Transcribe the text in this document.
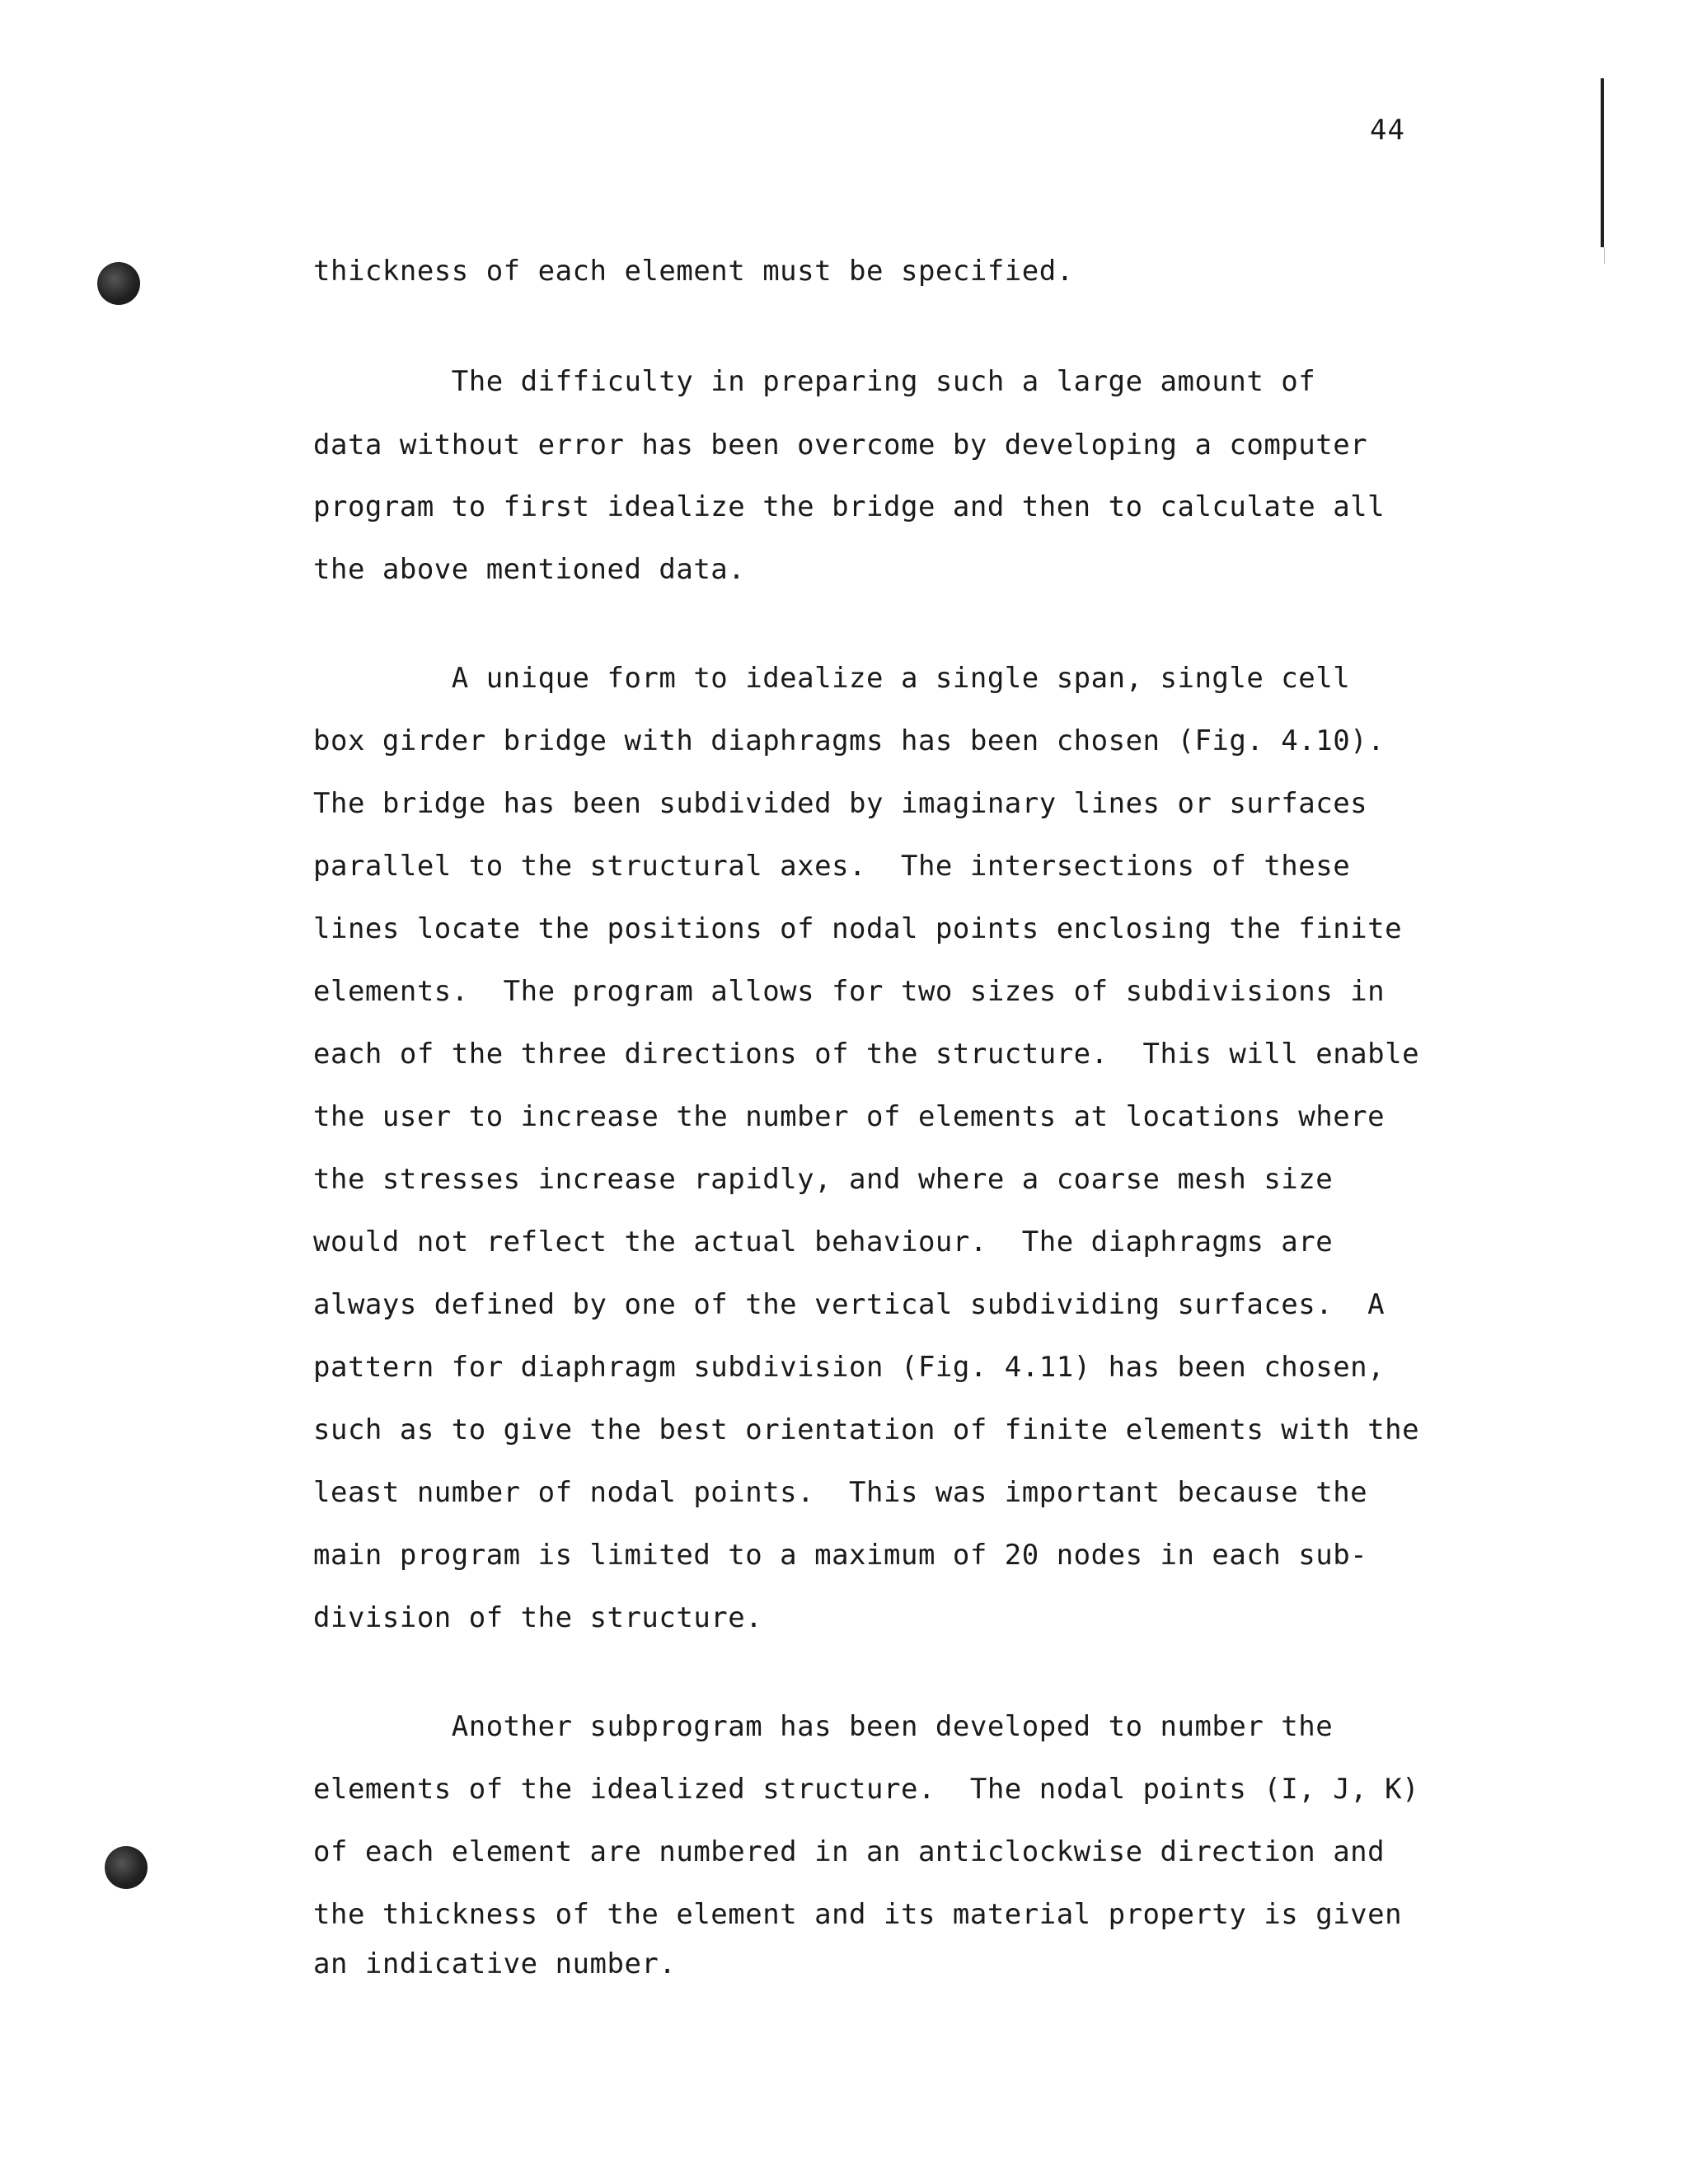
44
thickness of each element must be specified.
The difficulty in preparing such a large amount of
data without error has been overcome by developing a computer
program to first idealize the bridge and then to calculate all
the above mentioned data.
A unique form to idealize a single span, single cell
box girder bridge with diaphragms has been chosen (Fig. 4.10).
The bridge has been subdivided by imaginary lines or surfaces
parallel to the structural axes.  The intersections of these
lines locate the positions of nodal points enclosing the finite
elements.  The program allows for two sizes of subdivisions in
each of the three directions of the structure.  This will enable
the user to increase the number of elements at locations where
the stresses increase rapidly, and where a coarse mesh size
would not reflect the actual behaviour.  The diaphragms are
always defined by one of the vertical subdividing surfaces.  A
pattern for diaphragm subdivision (Fig. 4.11) has been chosen,
such as to give the best orientation of finite elements with the
least number of nodal points.  This was important because the
main program is limited to a maximum of 20 nodes in each sub-
division of the structure.
Another subprogram has been developed to number the
elements of the idealized structure.  The nodal points (I, J, K)
of each element are numbered in an anticlockwise direction and
the thickness of the element and its material property is given
an indicative number.
